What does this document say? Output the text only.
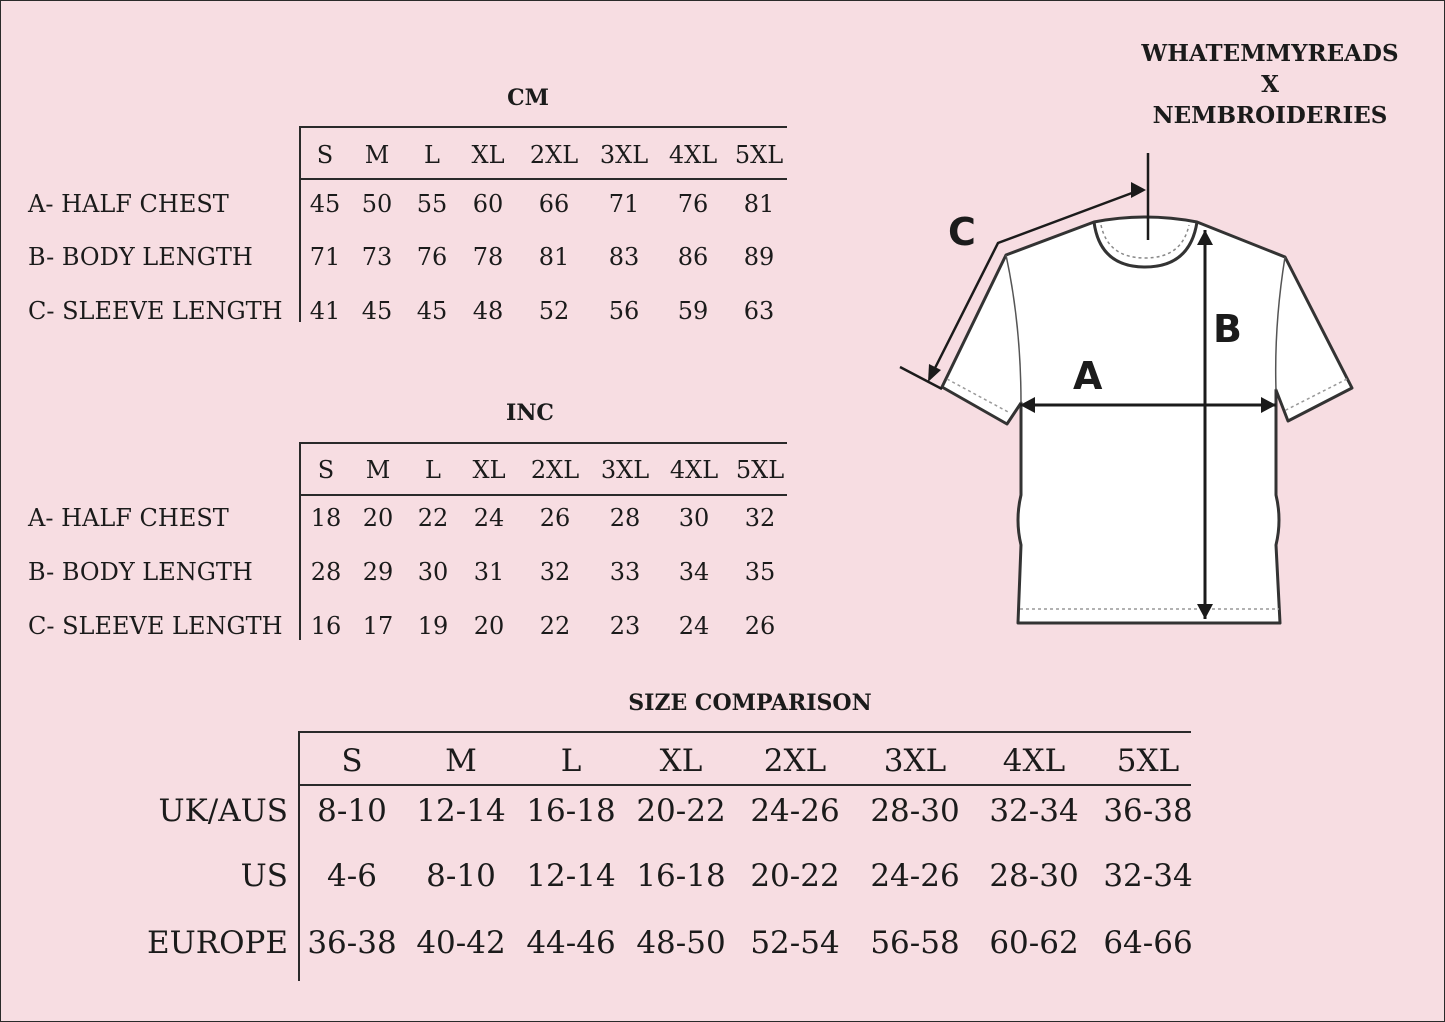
WHATEMMYREADS
X
NEMBROIDERIES
CM
S	M	L	XL	2XL 3XL 4XL 5XL
A- HALF CHEST	45 50	55	60	66	71	76	81
B- BODY LENGTH	71 73	76	78	81	83	86	89
C- SLEEVE LENGTH	41 45	45	48	52	56	59	63
INC
S	M	L	XL	2XL 3XL 4XL 5XL
A- HALF CHEST	18 20	22	24	26	28	30	32
B- BODY LENGTH	28 29	30	31	32	33	34	35
C- SLEEVE LENGTH	16 17	19	20	22	23	24	26
SIZE COMPARISON
S	M	L	XL	2XL	3XL	4XL	5XL
UK/AUS 8-10 12-14 16-18 20-22 24-26 28-30 32-34 36-38
US	4-6	8-10 12-14 16-18 20-22 24-26 28-30 32-34
EUROPE 36-38 40-42 44-46 48-50 52-54 56-58 60-62 64-66
A
B
C
